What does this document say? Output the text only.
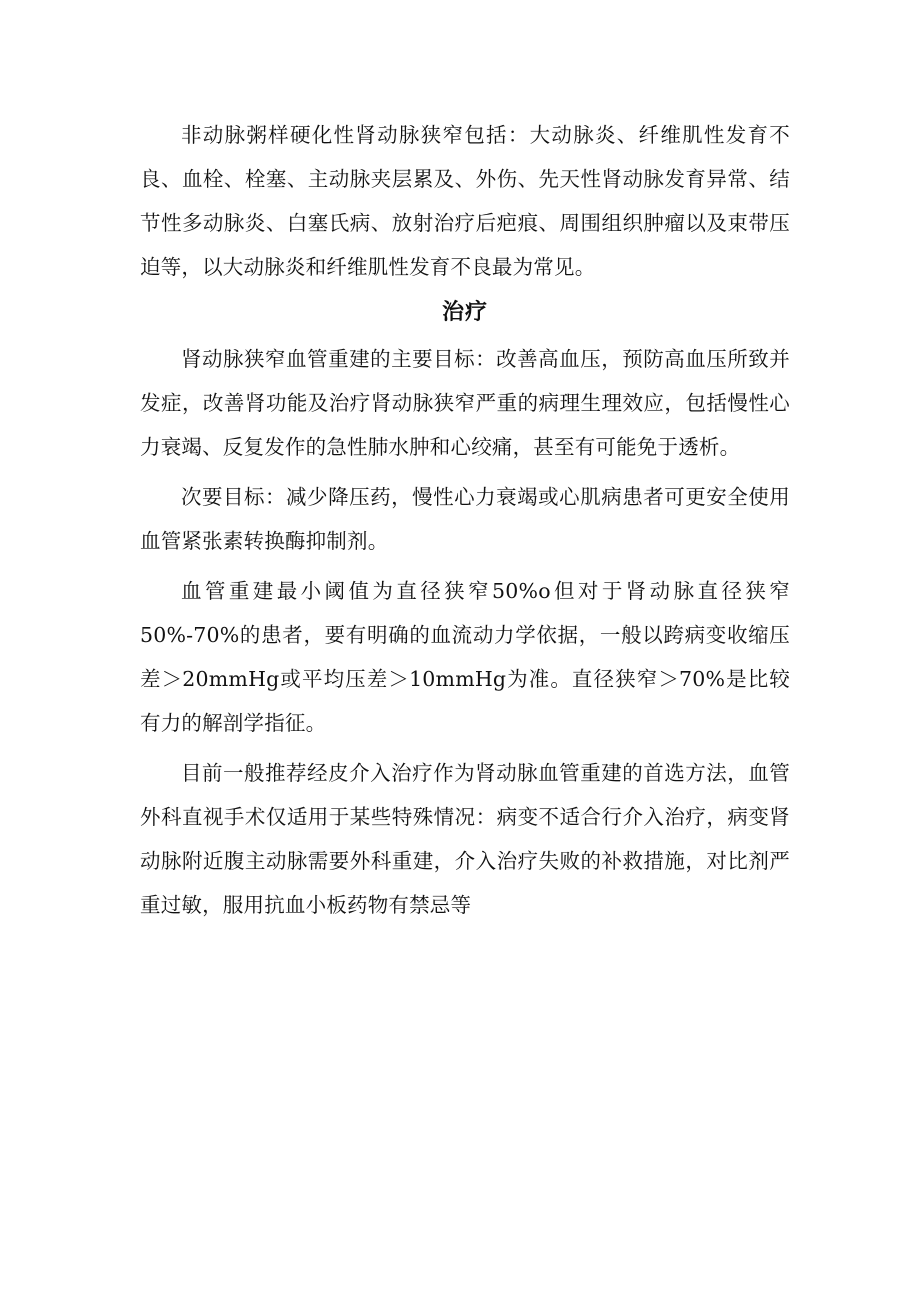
非动脉粥样硬化性肾动脉狭窄包括：大动脉炎、纤维肌性发育不良、血栓、栓塞、主动脉夹层累及、外伤、先天性肾动脉发育异常、结节性多动脉炎、白塞氏病、放射治疗后疤痕、周围组织肿瘤以及束带压迫等，以大动脉炎和纤维肌性发育不良最为常见。

治疗

肾动脉狭窄血管重建的主要目标：改善高血压，预防高血压所致并发症，改善肾功能及治疗肾动脉狭窄严重的病理生理效应，包括慢性心力衰竭、反复发作的急性肺水肿和心绞痛，甚至有可能免于透析。

次要目标：减少降压药，慢性心力衰竭或心肌病患者可更安全使用血管紧张素转换酶抑制剂。

血管重建最小阈值为直径狭窄50%o但对于肾动脉直径狭窄50%-70%的患者，要有明确的血流动力学依据，一般以跨病变收缩压差＞20mmHg或平均压差＞10mmHg为准。直径狭窄＞70%是比较有力的解剖学指征。

目前一般推荐经皮介入治疗作为肾动脉血管重建的首选方法，血管外科直视手术仅适用于某些特殊情况：病变不适合行介入治疗，病变肾动脉附近腹主动脉需要外科重建，介入治疗失败的补救措施，对比剂严重过敏，服用抗血小板药物有禁忌等
